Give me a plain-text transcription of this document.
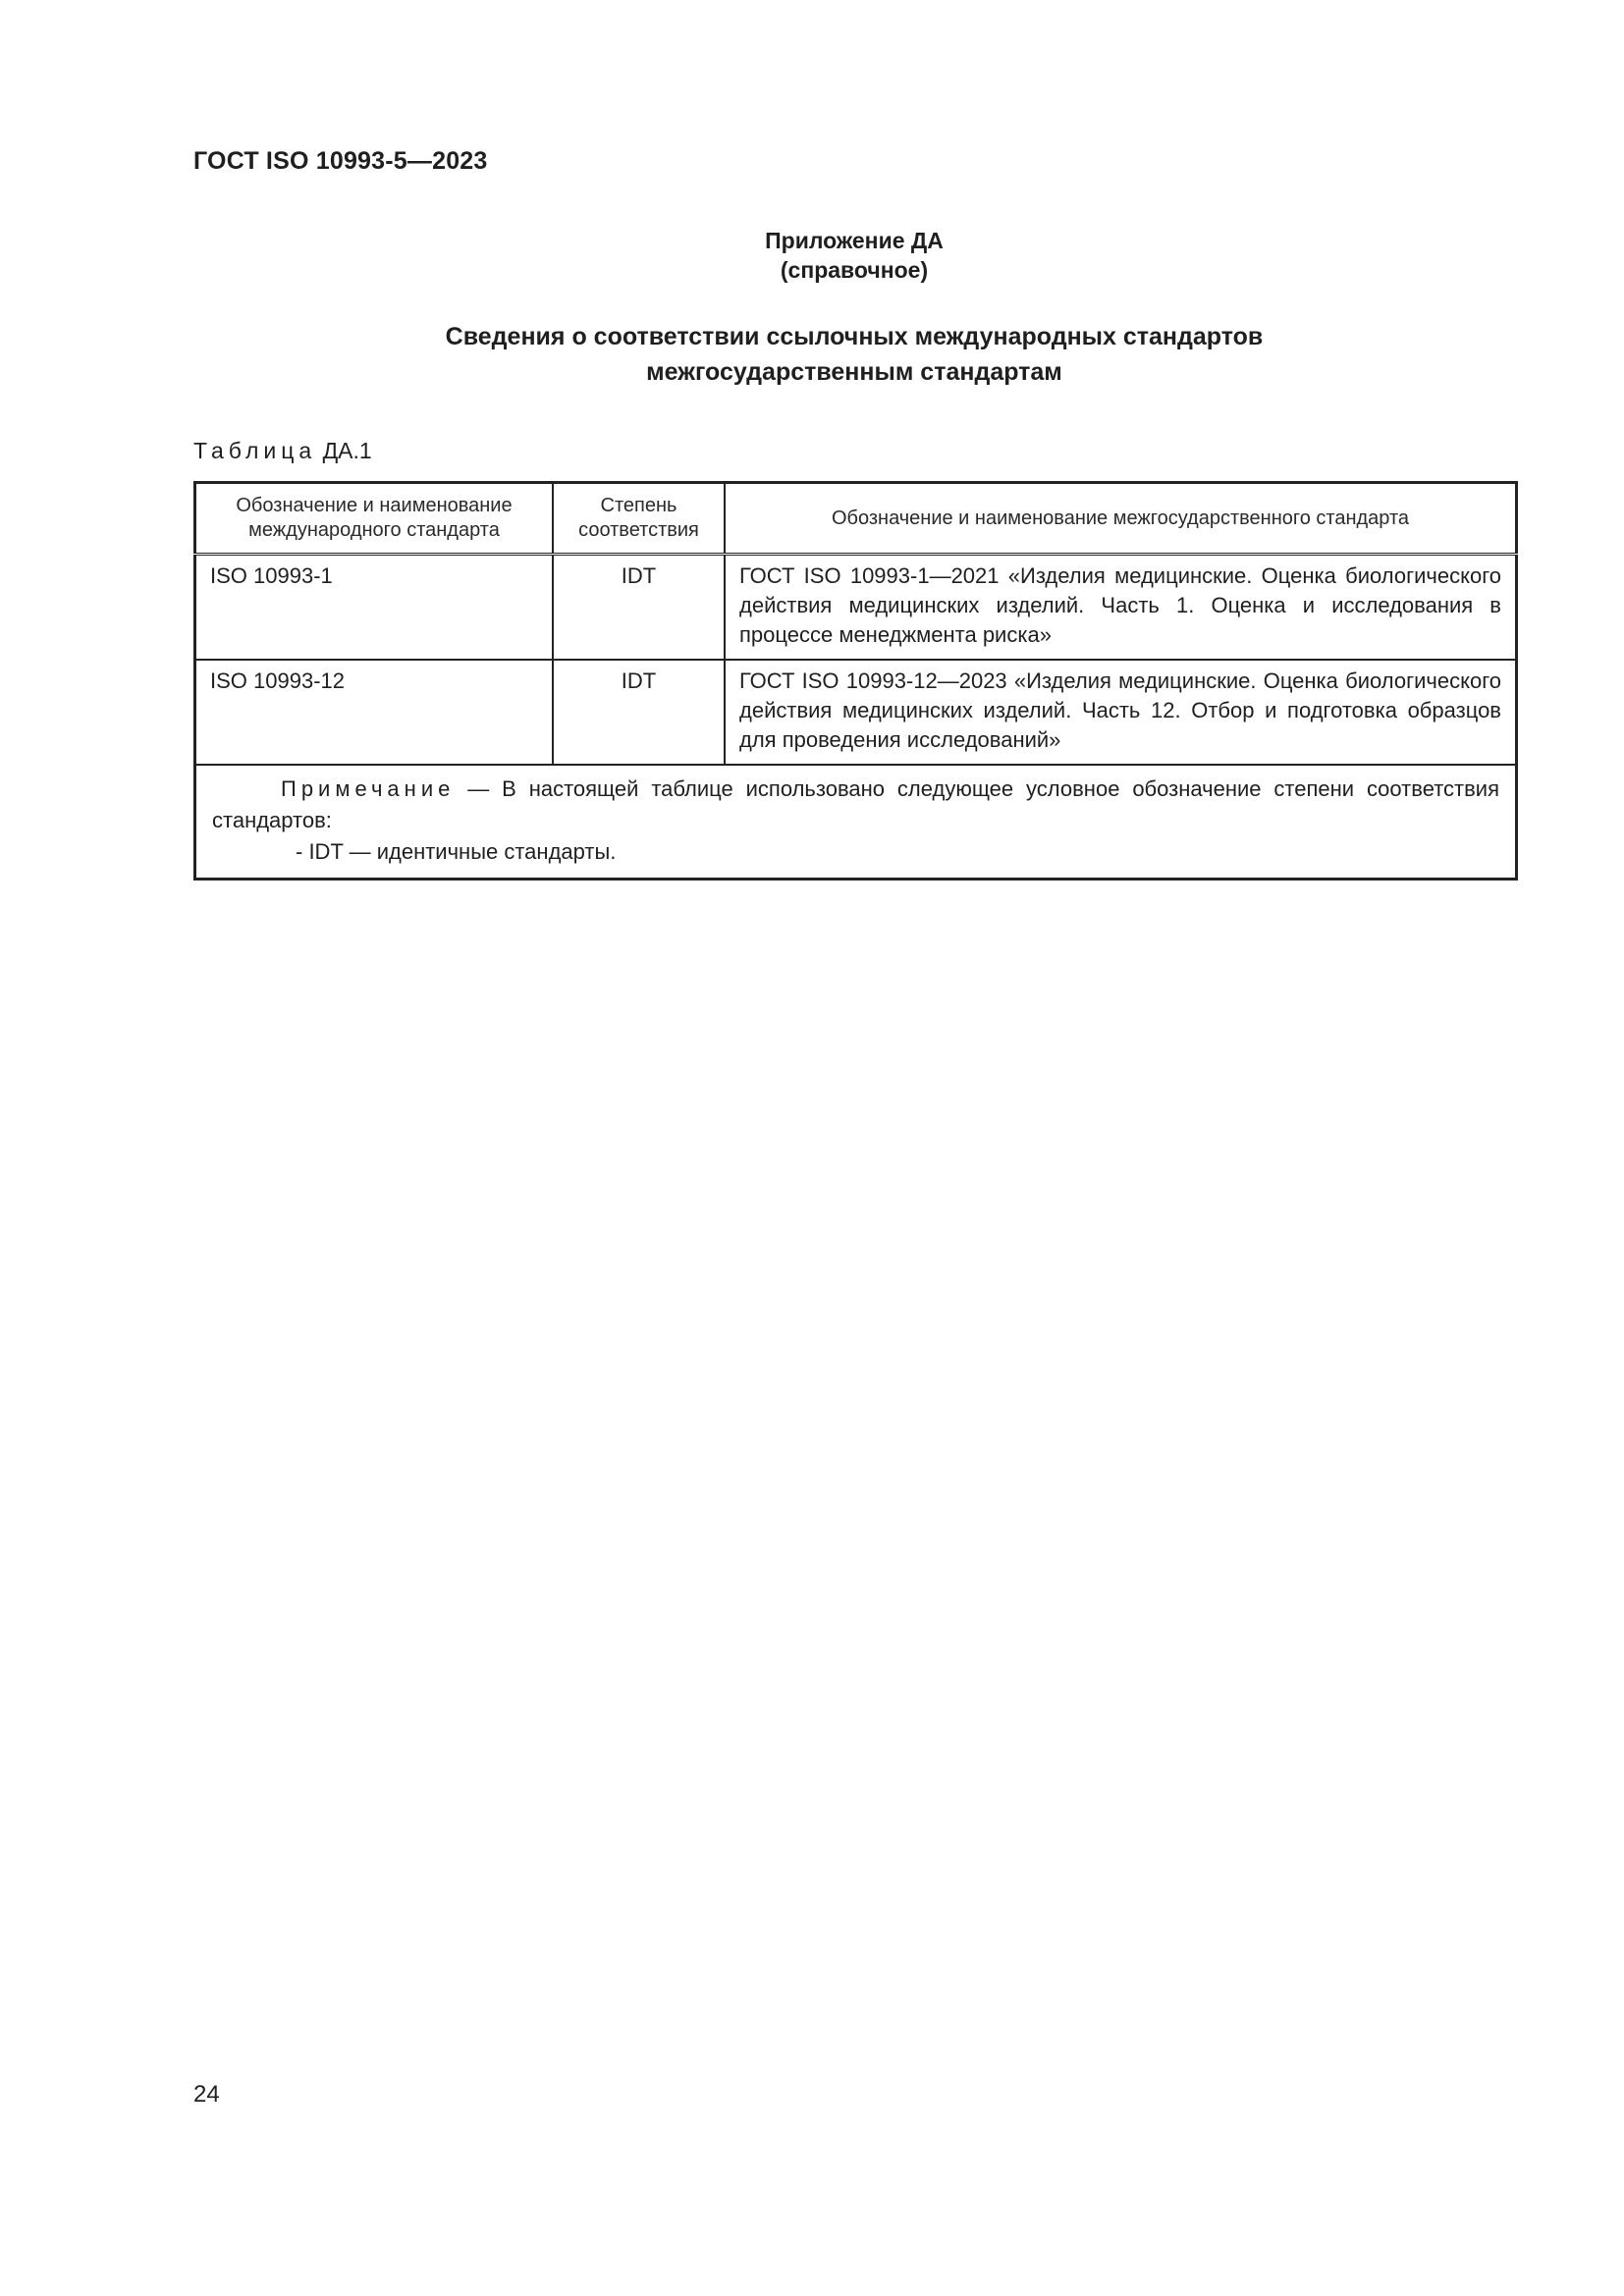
ГОСТ ISO 10993-5—2023
Приложение ДА
(справочное)
Сведения о соответствии ссылочных международных стандартов
межгосударственным стандартам
Таблица ДА.1
Обозначение и наименование международного стандарта	Степень соответствия	Обозначение и наименование межгосударственного стандарта

ISO 10993-1	IDT	ГОСТ ISO 10993-1—2021 «Изделия медицинские. Оценка биологического действия медицинских изделий. Часть 1. Оценка и исследования в процессе менеджмента риска»

ISO 10993-12	IDT	ГОСТ ISO 10993-12—2023 «Изделия медицинские. Оценка биологического действия медицинских изделий. Часть 12. Отбор и подготовка образцов для проведения исследований»

Примечание — В настоящей таблице использовано следующее условное обозначение степени соответствия стандартов:
- IDT — идентичные стандарты.		
24
